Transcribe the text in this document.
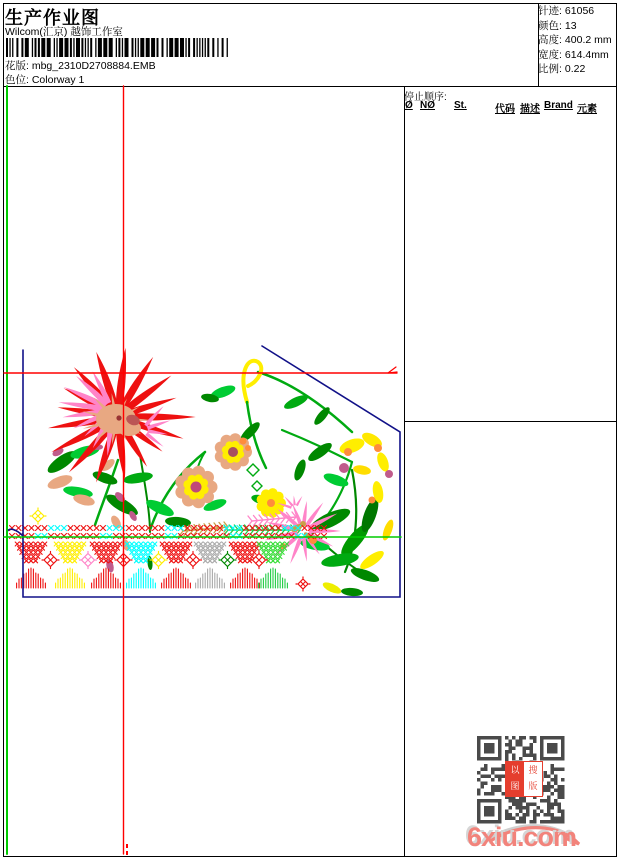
生产作业图
Wilcom(汇京) 越饰工作室
花版: mbg_2310D2708884.EMB
色位: Colorway 1
针迹: 61056
颜色: 13
高度: 400.2 mm
宽度: 614.4mm
比例: 0.22
停止顺序:
Ø NØ St.	代码 描述 Brand 元素
以
图
搜
版
6xiu.com
